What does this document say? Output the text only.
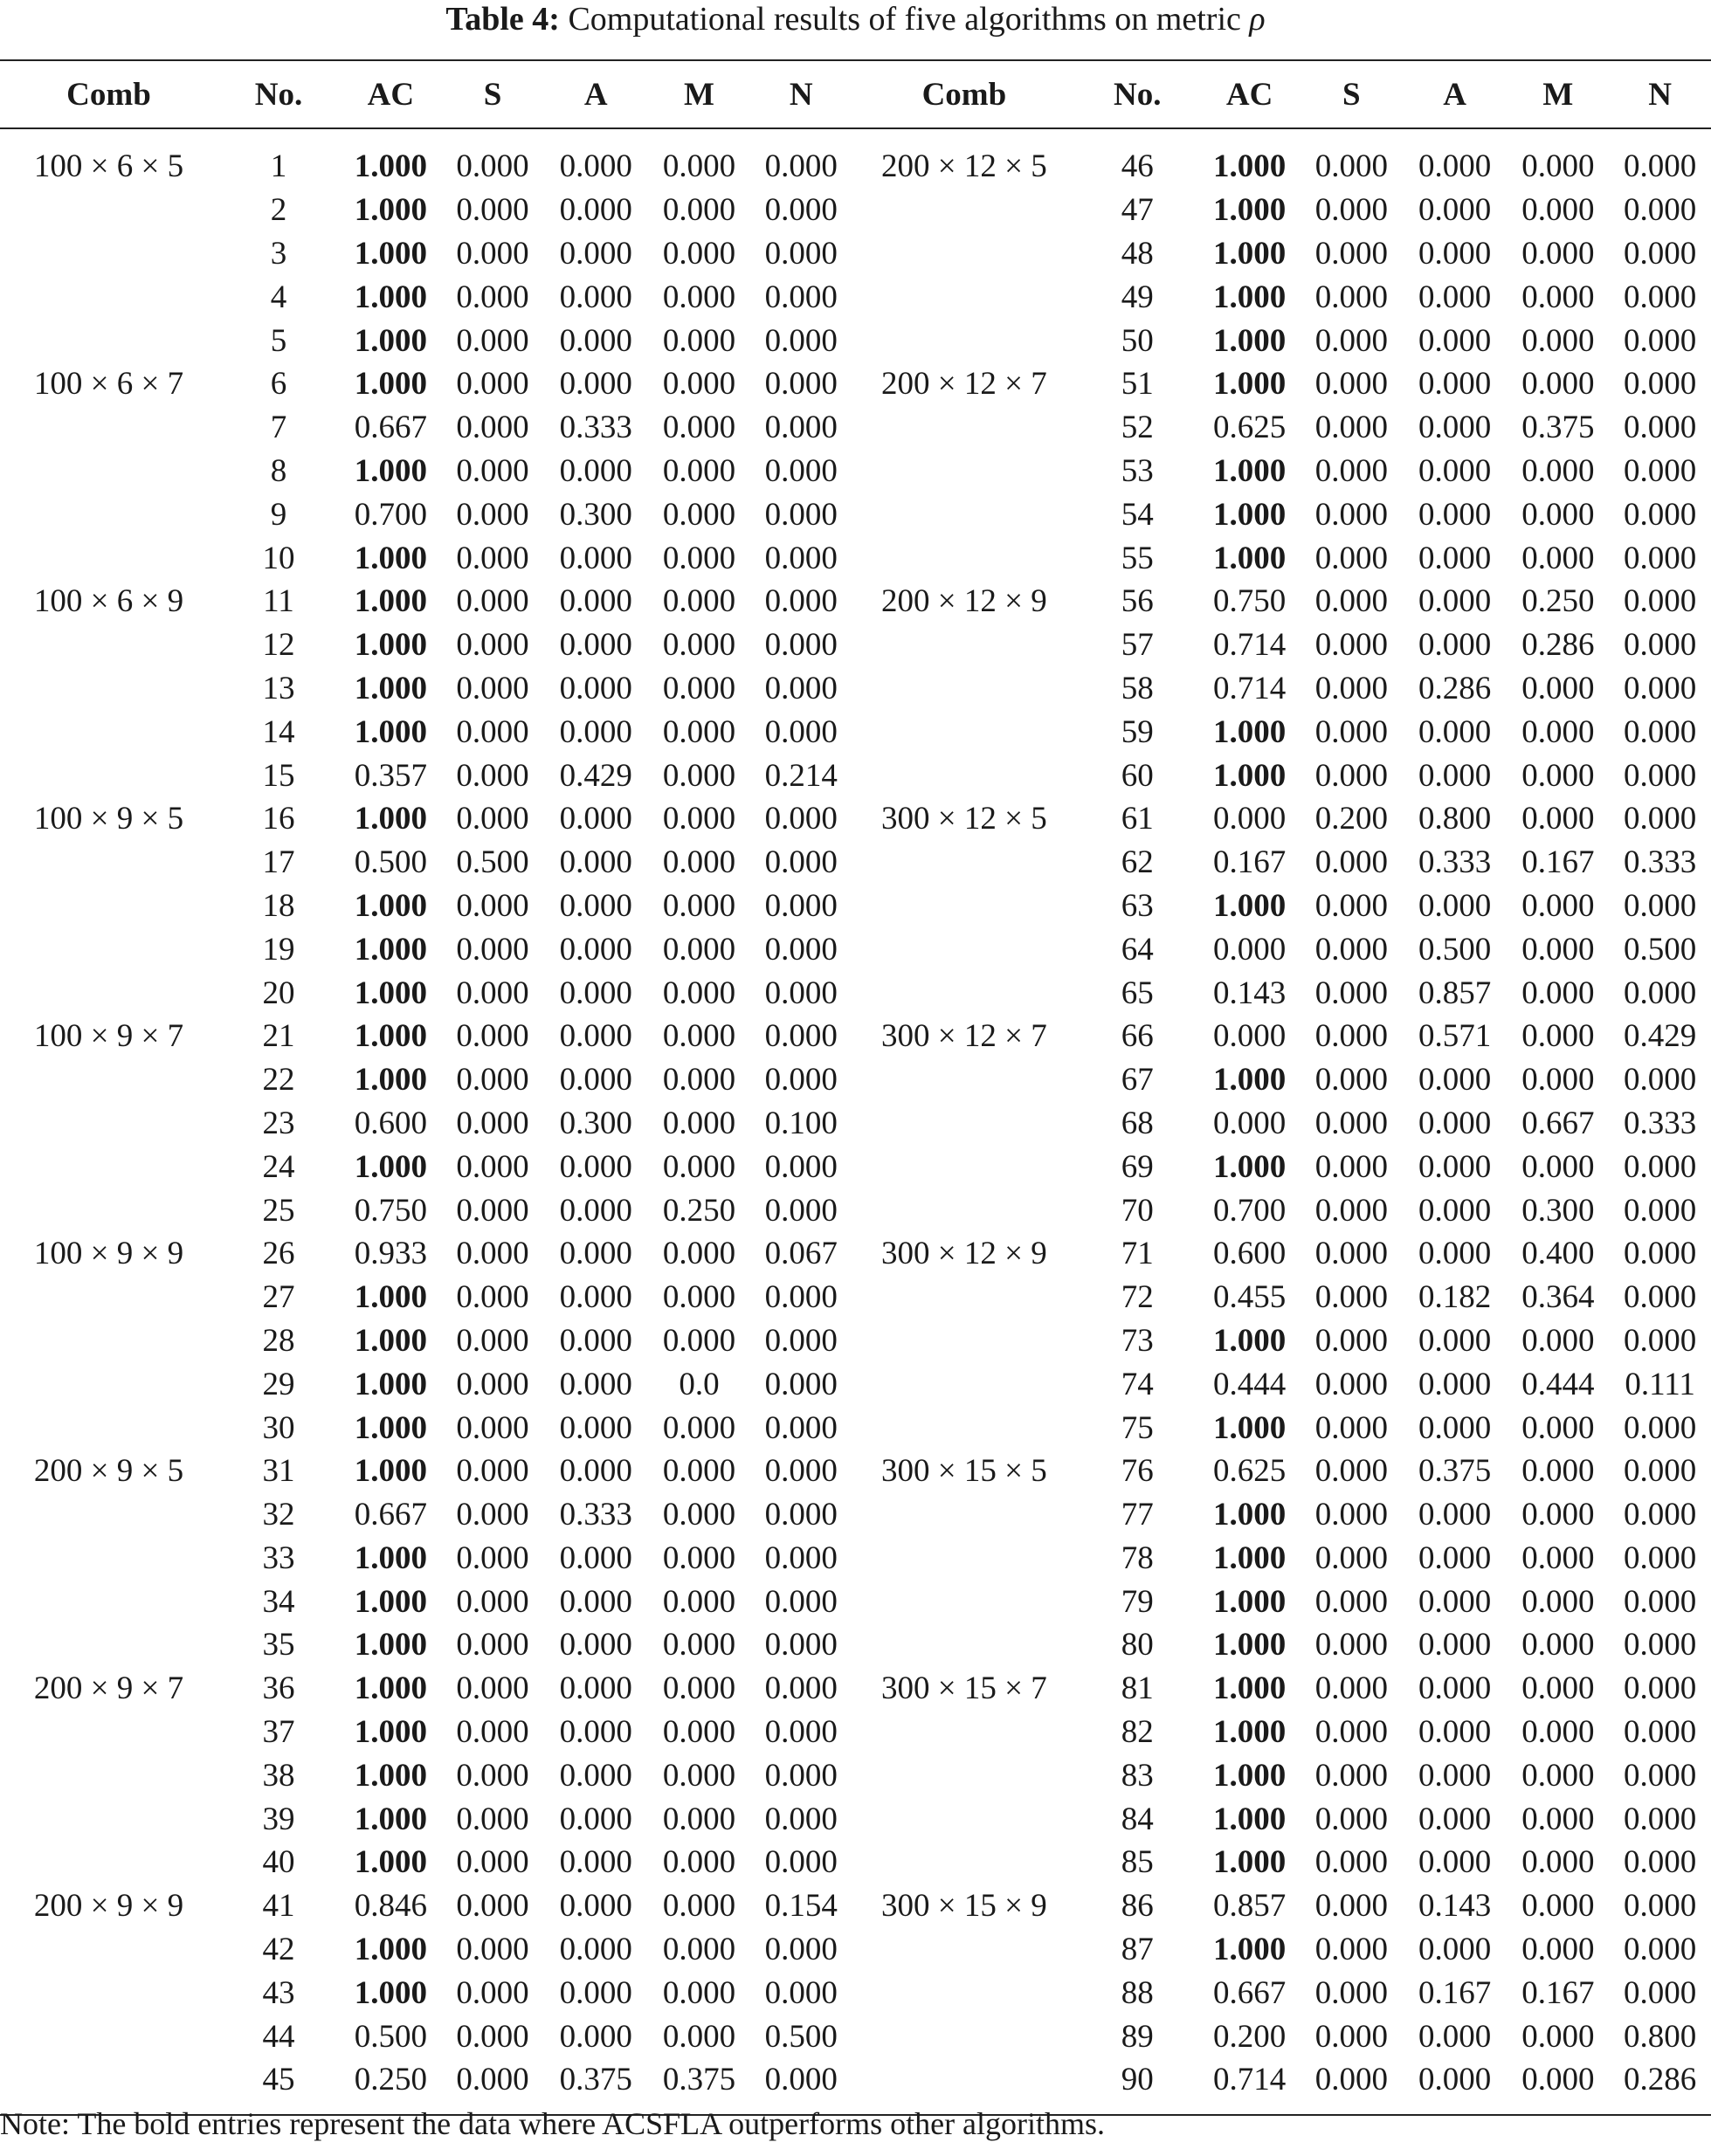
Table 4: Computational results of five algorithms on metric ρ
Comb	No.	AC	S	A	M	N	Comb	No.	AC	S	A	M	N
100 × 6 × 5	1	1.000	0.000	0.000	0.000	0.000	200 × 12 × 5	46	1.000	0.000	0.000	0.000	0.000
	2	1.000	0.000	0.000	0.000	0.000		47	1.000	0.000	0.000	0.000	0.000
	3	1.000	0.000	0.000	0.000	0.000		48	1.000	0.000	0.000	0.000	0.000
	4	1.000	0.000	0.000	0.000	0.000		49	1.000	0.000	0.000	0.000	0.000
	5	1.000	0.000	0.000	0.000	0.000		50	1.000	0.000	0.000	0.000	0.000
100 × 6 × 7	6	1.000	0.000	0.000	0.000	0.000	200 × 12 × 7	51	1.000	0.000	0.000	0.000	0.000
	7	0.667	0.000	0.333	0.000	0.000		52	0.625	0.000	0.000	0.375	0.000
	8	1.000	0.000	0.000	0.000	0.000		53	1.000	0.000	0.000	0.000	0.000
	9	0.700	0.000	0.300	0.000	0.000		54	1.000	0.000	0.000	0.000	0.000
	10	1.000	0.000	0.000	0.000	0.000		55	1.000	0.000	0.000	0.000	0.000
100 × 6 × 9	11	1.000	0.000	0.000	0.000	0.000	200 × 12 × 9	56	0.750	0.000	0.000	0.250	0.000
	12	1.000	0.000	0.000	0.000	0.000		57	0.714	0.000	0.000	0.286	0.000
	13	1.000	0.000	0.000	0.000	0.000		58	0.714	0.000	0.286	0.000	0.000
	14	1.000	0.000	0.000	0.000	0.000		59	1.000	0.000	0.000	0.000	0.000
	15	0.357	0.000	0.429	0.000	0.214		60	1.000	0.000	0.000	0.000	0.000
100 × 9 × 5	16	1.000	0.000	0.000	0.000	0.000	300 × 12 × 5	61	0.000	0.200	0.800	0.000	0.000
	17	0.500	0.500	0.000	0.000	0.000		62	0.167	0.000	0.333	0.167	0.333
	18	1.000	0.000	0.000	0.000	0.000		63	1.000	0.000	0.000	0.000	0.000
	19	1.000	0.000	0.000	0.000	0.000		64	0.000	0.000	0.500	0.000	0.500
	20	1.000	0.000	0.000	0.000	0.000		65	0.143	0.000	0.857	0.000	0.000
100 × 9 × 7	21	1.000	0.000	0.000	0.000	0.000	300 × 12 × 7	66	0.000	0.000	0.571	0.000	0.429
	22	1.000	0.000	0.000	0.000	0.000		67	1.000	0.000	0.000	0.000	0.000
	23	0.600	0.000	0.300	0.000	0.100		68	0.000	0.000	0.000	0.667	0.333
	24	1.000	0.000	0.000	0.000	0.000		69	1.000	0.000	0.000	0.000	0.000
	25	0.750	0.000	0.000	0.250	0.000		70	0.700	0.000	0.000	0.300	0.000
100 × 9 × 9	26	0.933	0.000	0.000	0.000	0.067	300 × 12 × 9	71	0.600	0.000	0.000	0.400	0.000
	27	1.000	0.000	0.000	0.000	0.000		72	0.455	0.000	0.182	0.364	0.000
	28	1.000	0.000	0.000	0.000	0.000		73	1.000	0.000	0.000	0.000	0.000
	29	1.000	0.000	0.000	0.0	0.000		74	0.444	0.000	0.000	0.444	0.111
	30	1.000	0.000	0.000	0.000	0.000		75	1.000	0.000	0.000	0.000	0.000
200 × 9 × 5	31	1.000	0.000	0.000	0.000	0.000	300 × 15 × 5	76	0.625	0.000	0.375	0.000	0.000
	32	0.667	0.000	0.333	0.000	0.000		77	1.000	0.000	0.000	0.000	0.000
	33	1.000	0.000	0.000	0.000	0.000		78	1.000	0.000	0.000	0.000	0.000
	34	1.000	0.000	0.000	0.000	0.000		79	1.000	0.000	0.000	0.000	0.000
	35	1.000	0.000	0.000	0.000	0.000		80	1.000	0.000	0.000	0.000	0.000
200 × 9 × 7	36	1.000	0.000	0.000	0.000	0.000	300 × 15 × 7	81	1.000	0.000	0.000	0.000	0.000
	37	1.000	0.000	0.000	0.000	0.000		82	1.000	0.000	0.000	0.000	0.000
	38	1.000	0.000	0.000	0.000	0.000		83	1.000	0.000	0.000	0.000	0.000
	39	1.000	0.000	0.000	0.000	0.000		84	1.000	0.000	0.000	0.000	0.000
	40	1.000	0.000	0.000	0.000	0.000		85	1.000	0.000	0.000	0.000	0.000
200 × 9 × 9	41	0.846	0.000	0.000	0.000	0.154	300 × 15 × 9	86	0.857	0.000	0.143	0.000	0.000
	42	1.000	0.000	0.000	0.000	0.000		87	1.000	0.000	0.000	0.000	0.000
	43	1.000	0.000	0.000	0.000	0.000		88	0.667	0.000	0.167	0.167	0.000
	44	0.500	0.000	0.000	0.000	0.500		89	0.200	0.000	0.000	0.000	0.800
	45	0.250	0.000	0.375	0.375	0.000		90	0.714	0.000	0.000	0.000	0.286
Note: The bold entries represent the data where ACSFLA outperforms other algorithms.
